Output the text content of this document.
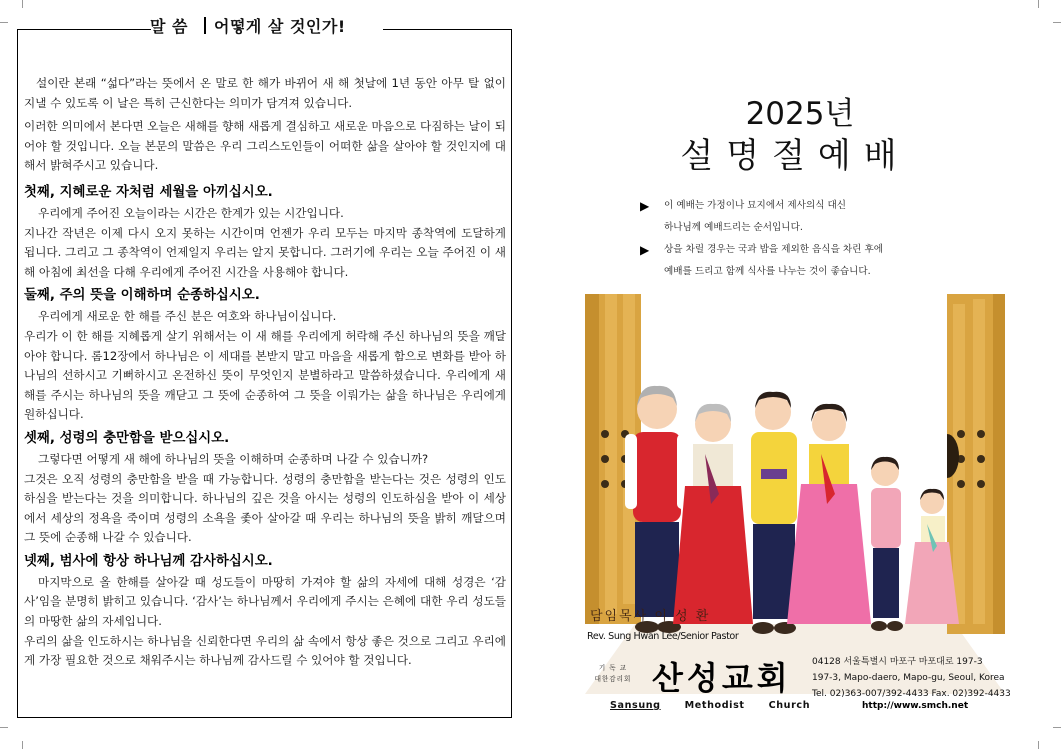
말 씀 어떻게 살 것인가!

설이란 본래 “섧다”라는 뜻에서 온 말로 한 해가 바뀌어 새 해 첫날에 1년 동안 아무 탈 없이 지낼 수 있도록 이 날은 특히 근신한다는 의미가 담겨져 있습니다.

이러한 의미에서 본다면 오늘은 새해를 향해 새롭게 결심하고 새로운 마음으로 다짐하는 날이 되어야 할 것입니다. 오늘 본문의 말씀은 우리 그리스도인들이 어떠한 삶을 살아야 할 것인지에 대해서 밝혀주시고 있습니다.

첫째, 지혜로운 자처럼 세월을 아끼십시오.

우리에게 주어진 오늘이라는 시간은 한계가 있는 시간입니다.

지나간 작년은 이제 다시 오지 못하는 시간이며 언젠가 우리 모두는 마지막 종착역에 도달하게 됩니다. 그리고 그 종착역이 언제일지 우리는 알지 못합니다. 그러기에 우리는 오늘 주어진 이 새해 아침에 최선을 다해 우리에게 주어진 시간을 사용해야 합니다.

둘째, 주의 뜻을 이해하며 순종하십시오.

우리에게 새로운 한 해를 주신 분은 여호와 하나님이십니다.

우리가 이 한 해를 지혜롭게 살기 위해서는 이 새 해를 우리에게 허락해 주신 하나님의 뜻을 깨달아야 합니다. 롬12장에서 하나님은 이 세대를 본받지 말고 마음을 새롭게 함으로 변화를 받아 하나님의 선하시고 기뻐하시고 온전하신 뜻이 무엇인지 분별하라고 말씀하셨습니다. 우리에게 새 해를 주시는 하나님의 뜻을 깨닫고 그 뜻에 순종하여 그 뜻을 이뤄가는 삶을 하나님은 우리에게 원하십니다.

셋째, 성령의 충만함을 받으십시오.

그렇다면 어떻게 새 해에 하나님의 뜻을 이해하며 순종하며 나갈 수 있습니까?

그것은 오직 성령의 충만함을 받을 때 가능합니다. 성령의 충만함을 받는다는 것은 성령의 인도하심을 받는다는 것을 의미합니다. 하나님의 깊은 것을 아시는 성령의 인도하심을 받아 이 세상에서 세상의 정욕을 죽이며 성령의 소욕을 좇아 살아갈 때 우리는 하나님의 뜻을 밝히 깨달으며 그 뜻에 순종해 나갈 수 있습니다.

넷째, 범사에 항상 하나님께 감사하십시오.

마지막으로 올 한해를 살아갈 때 성도들이 마땅히 가져야 할 삶의 자세에 대해 성경은 ‘감사’임을 분명히 밝히고 있습니다. ‘감사’는 하나님께서 우리에게 주시는 은혜에 대한 우리 성도들의 마땅한 삶의 자세입니다.

우리의 삶을 인도하시는 하나님을 신뢰한다면 우리의 삶 속에서 항상 좋은 것으로 그리고 우리에게 가장 필요한 것으로 채워주시는 하나님께 감사드릴 수 있어야 할 것입니다.

2025년
설명절예배
▶	이 예배는 가정이나 묘지에서 제사의식 대신
하나님께 예배드리는 순서입니다.
▶	상을 차릴 경우는 국과 밥을 제외한 음식을 차린 후에
예배를 드리고 함께 식사를 나누는 것이 좋습니다.
담임목사 이 성 환
Rev. Sung Hwan Lee/Senior Pastor
기 독 교
대한감리회 산성교회 04128 서울특별시 마포구 마포대로 197-3
197-3, Mapo-daero, Mapo-gu, Seoul, Korea
Tel. 02)363-007/392-4433 Fax. 02)392-4433
Sansung	Methodist	Church	http://www.smch.net
